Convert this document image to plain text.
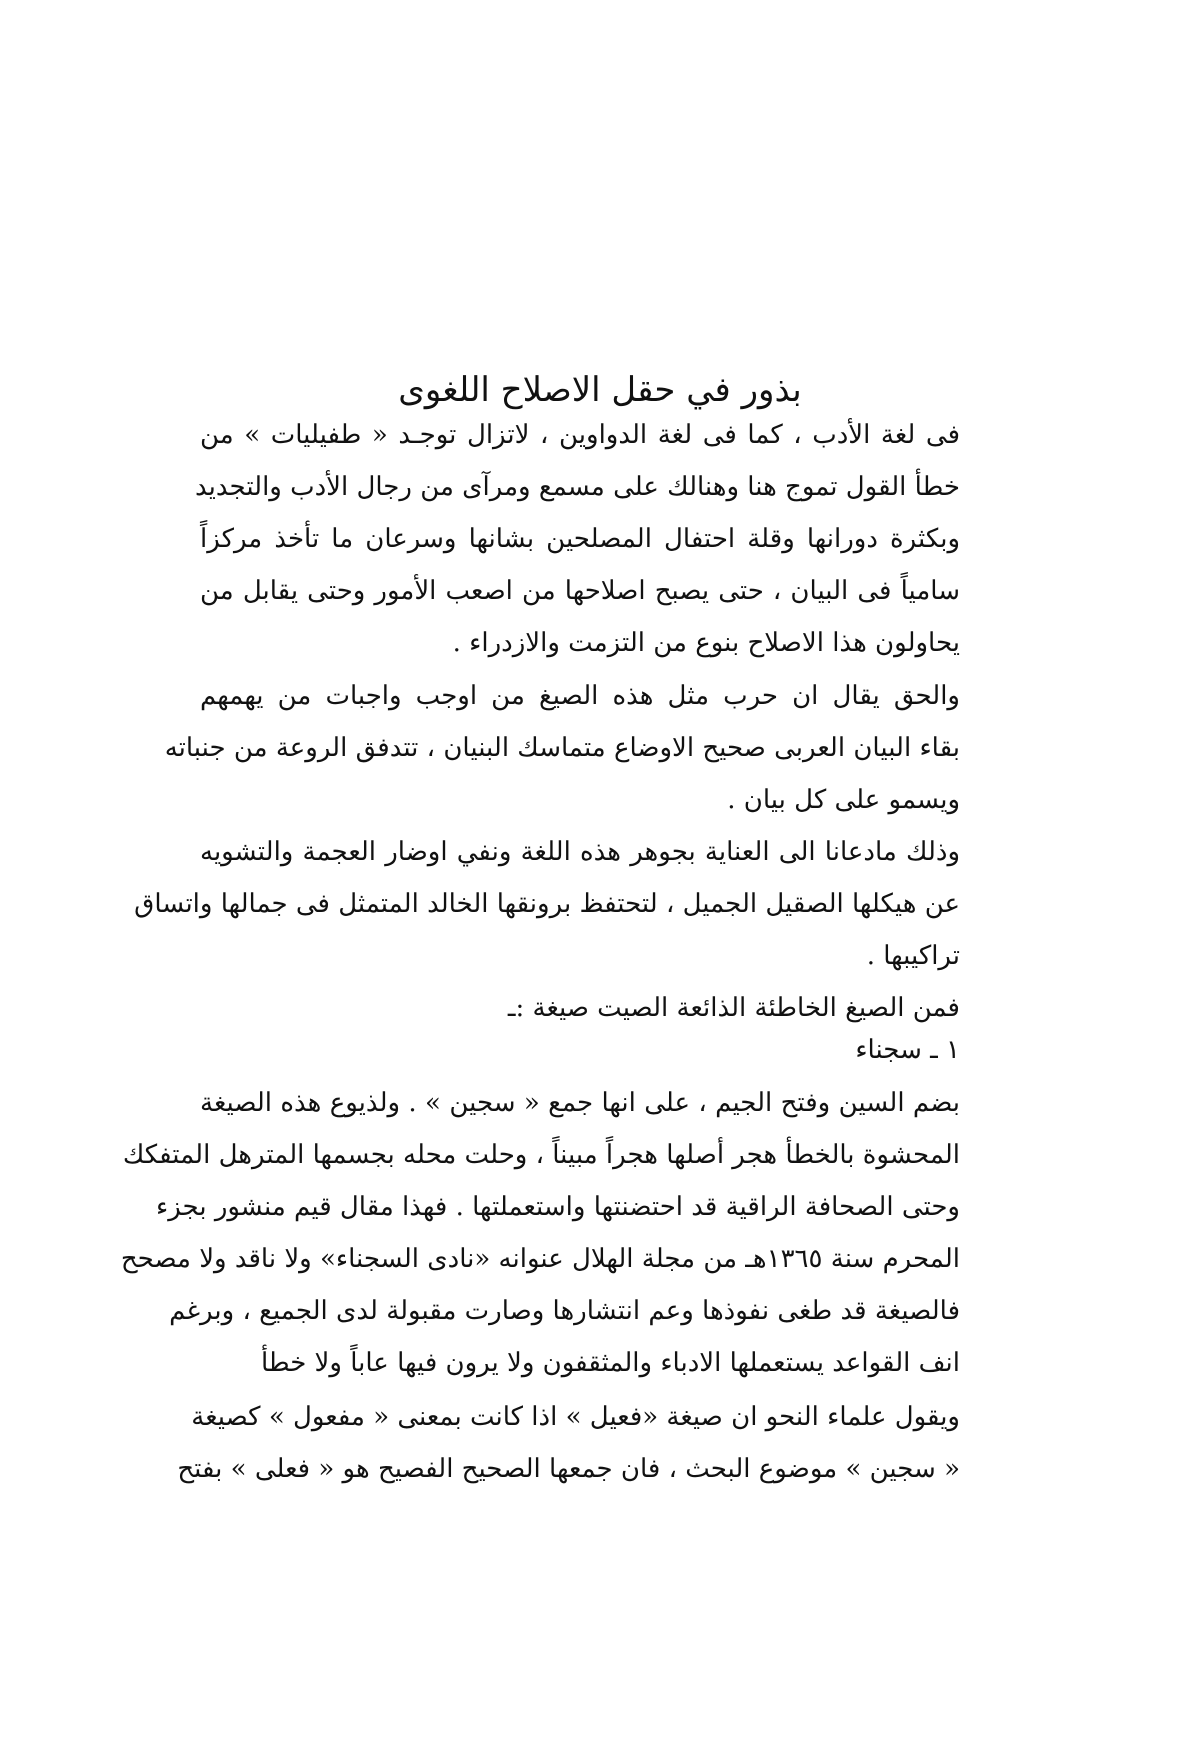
بذور في حقل الاصلاح اللغوى
فى لغة الأدب ، كما فى لغة الدواوين ، لاتزال توجـد « طفيليات » من
خطأ القول تموج هنا وهنالك على مسمع ومرآى من رجال الأدب والتجديد
وبكثرة دورانها وقلة احتفال المصلحين بشانها وسرعان ما تأخذ مركزاً
سامياً فى البيان ، حتى يصبح اصلاحها من اصعب الأمور وحتى يقابل من
يحاولون هذا الاصلاح بنوع من التزمت والازدراء .
والحق يقال ان حرب مثل هذه الصيغ من اوجب واجبات من يهمهم
بقاء البيان العربى صحيح الاوضاع متماسك البنيان ، تتدفق الروعة من جنباته
ويسمو على كل بيان .
وذلك مادعانا الى العناية بجوهر هذه اللغة ونفي اوضار العجمة والتشويه
عن هيكلها الصقيل الجميل ، لتحتفظ برونقها الخالد المتمثل فى جمالها واتساق
تراكيبها .
فمن الصيغ الخاطئة الذائعة الصيت صيغة :ـ
١ ـ سجناء
بضم السين وفتح الجيم ، على انها جمع « سجين » . ولذيوع هذه الصيغة
المحشوة بالخطأ هجر أصلها هجراً مبيناً ، وحلت محله بجسمها المترهل المتفكك
وحتى الصحافة الراقية قد احتضنتها واستعملتها . فهذا مقال قيم منشور بجزء
المحرم سنة ١٣٦٥هـ من مجلة الهلال عنوانه «نادى السجناء» ولا ناقد ولا مصحح
فالصيغة قد طغى نفوذها وعم انتشارها وصارت مقبولة لدى الجميع ، وبرغم
انف القواعد يستعملها الادباء والمثقفون ولا يرون فيها عاباً ولا خطأ
ويقول علماء النحو ان صيغة «فعيل » اذا كانت بمعنى « مفعول » كصيغة
« سجين » موضوع البحث ، فان جمعها الصحيح الفصيح هو « فعلى » بفتح
